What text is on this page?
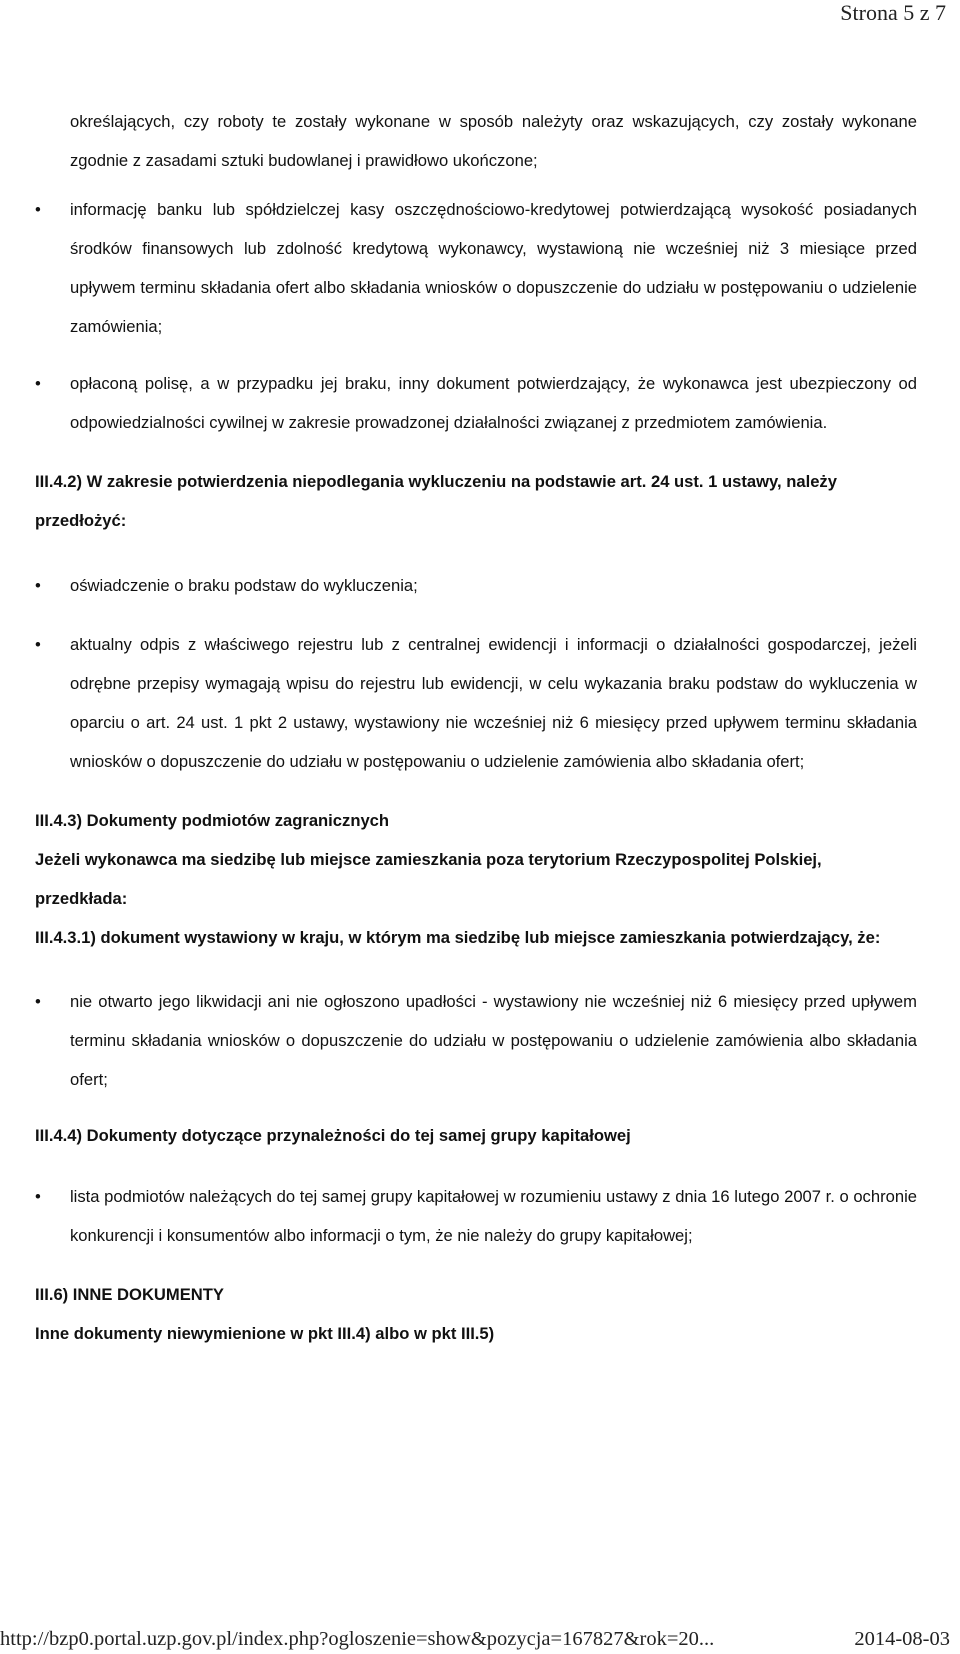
Strona 5 z 7

określających, czy roboty te zostały wykonane w sposób należyty oraz wskazujących, czy zostały wykonane zgodnie z zasadami sztuki budowlanej i prawidłowo ukończone;

•	informację banku lub spółdzielczej kasy oszczędnościowo-kredytowej potwierdzającą wysokość posiadanych środków finansowych lub zdolność kredytową wykonawcy, wystawioną nie wcześniej niż 3 miesiące przed upływem terminu składania ofert albo składania wniosków o dopuszczenie do udziału w postępowaniu o udzielenie zamówienia;

•	opłaconą polisę, a w przypadku jej braku, inny dokument potwierdzający, że wykonawca jest ubezpieczony od odpowiedzialności cywilnej w zakresie prowadzonej działalności związanej z przedmiotem zamówienia.

III.4.2) W zakresie potwierdzenia niepodlegania wykluczeniu na podstawie art. 24 ust. 1 ustawy, należy przedłożyć:

•	oświadczenie o braku podstaw do wykluczenia;

•	aktualny odpis z właściwego rejestru lub z centralnej ewidencji i informacji o działalności gospodarczej, jeżeli odrębne przepisy wymagają wpisu do rejestru lub ewidencji, w celu wykazania braku podstaw do wykluczenia w oparciu o art. 24 ust. 1 pkt 2 ustawy, wystawiony nie wcześniej niż 6 miesięcy przed upływem terminu składania wniosków o dopuszczenie do udziału w postępowaniu o udzielenie zamówienia albo składania ofert;

III.4.3) Dokumenty podmiotów zagranicznych

Jeżeli wykonawca ma siedzibę lub miejsce zamieszkania poza terytorium Rzeczypospolitej Polskiej, przedkłada:

III.4.3.1) dokument wystawiony w kraju, w którym ma siedzibę lub miejsce zamieszkania potwierdzający, że:

•	nie otwarto jego likwidacji ani nie ogłoszono upadłości - wystawiony nie wcześniej niż 6 miesięcy przed upływem terminu składania wniosków o dopuszczenie do udziału w postępowaniu o udzielenie zamówienia albo składania ofert;

III.4.4) Dokumenty dotyczące przynależności do tej samej grupy kapitałowej

•	lista podmiotów należących do tej samej grupy kapitałowej w rozumieniu ustawy z dnia 16 lutego 2007 r. o ochronie konkurencji i konsumentów albo informacji o tym, że nie należy do grupy kapitałowej;

III.6) INNE DOKUMENTY

Inne dokumenty niewymienione w pkt III.4) albo w pkt III.5)

http://bzp0.portal.uzp.gov.pl/index.php?ogloszenie=show&pozycja=167827&rok=20...	2014-08-03
